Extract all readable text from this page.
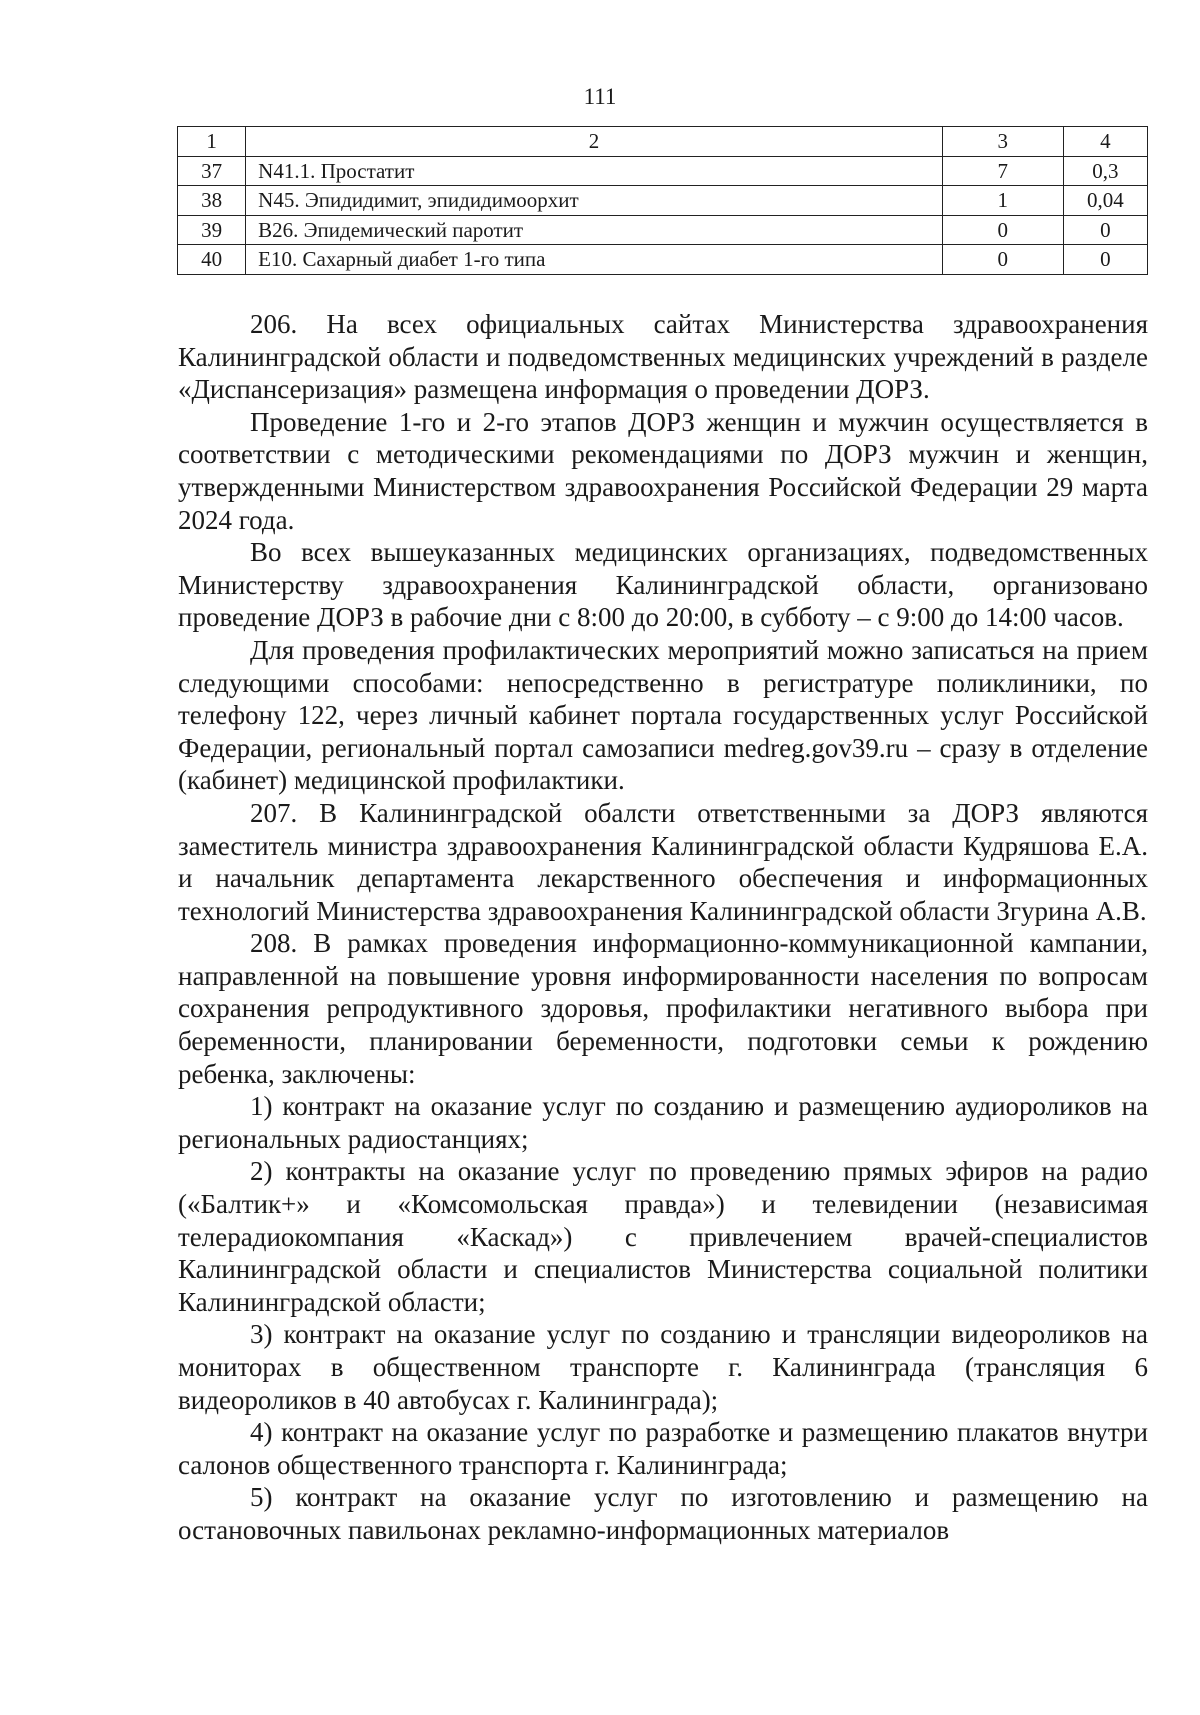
111
1	2	3	4
37	N41.1. Простатит	7	0,3
38	N45. Эпидидимит, эпидидимоорхит	1	0,04
39	B26. Эпидемический паротит	0	0
40	E10. Сахарный диабет 1-го типа	0	0

206. На всех официальных сайтах Министерства здравоохранения Калининградской области и подведомственных медицинских учреждений в разделе «Диспансеризация» размещена информация о проведении ДОРЗ.

Проведение 1-го и 2-го этапов ДОРЗ женщин и мужчин осуществляется в соответствии с методическими рекомендациями по ДОРЗ мужчин и женщин, утвержденными Министерством здравоохранения Российской Федерации 29 марта 2024 года.

Во всех вышеуказанных медицинских организациях, подведомственных Министерству здравоохранения Калининградской области, организовано проведение ДОРЗ в рабочие дни с 8:00 до 20:00, в субботу – с 9:00 до 14:00 часов.

Для проведения профилактических мероприятий можно записаться на прием следующими способами: непосредственно в регистратуре поликлиники, по телефону 122, через личный кабинет портала государственных услуг Российской Федерации, региональный портал самозаписи medreg.gov39.ru – сразу в отделение (кабинет) медицинской профилактики.

207. В Калининградской обалсти ответственными за ДОРЗ являются заместитель министра здравоохранения Калининградской области Кудряшова Е.А. и начальник департамента лекарственного обеспечения и информационных технологий Министерства здравоохранения Калининградской области Згурина А.В.

208. В рамках проведения информационно-коммуникационной кампании, направленной на повышение уровня информированности населения по вопросам сохранения репродуктивного здоровья, профилактики негативного выбора при беременности, планировании беременности, подготовки семьи к рождению ребенка, заключены:

1) контракт на оказание услуг по созданию и размещению аудиороликов на региональных радиостанциях;

2) контракты на оказание услуг по проведению прямых эфиров на радио («Балтик+» и «Комсомольская правда») и телевидении (независимая телерадиокомпания «Каскад») с привлечением врачей-специалистов Калининградской области и специалистов Министерства социальной политики Калининградской области;

3) контракт на оказание услуг по созданию и трансляции видеороликов на мониторах в общественном транспорте г. Калининграда (трансляция 6 видеороликов в 40 автобусах г. Калининграда);

4) контракт на оказание услуг по разработке и размещению плакатов внутри салонов общественного транспорта г. Калининграда;

5) контракт на оказание услуг по изготовлению и размещению на остановочных павильонах рекламно-информационных материалов
